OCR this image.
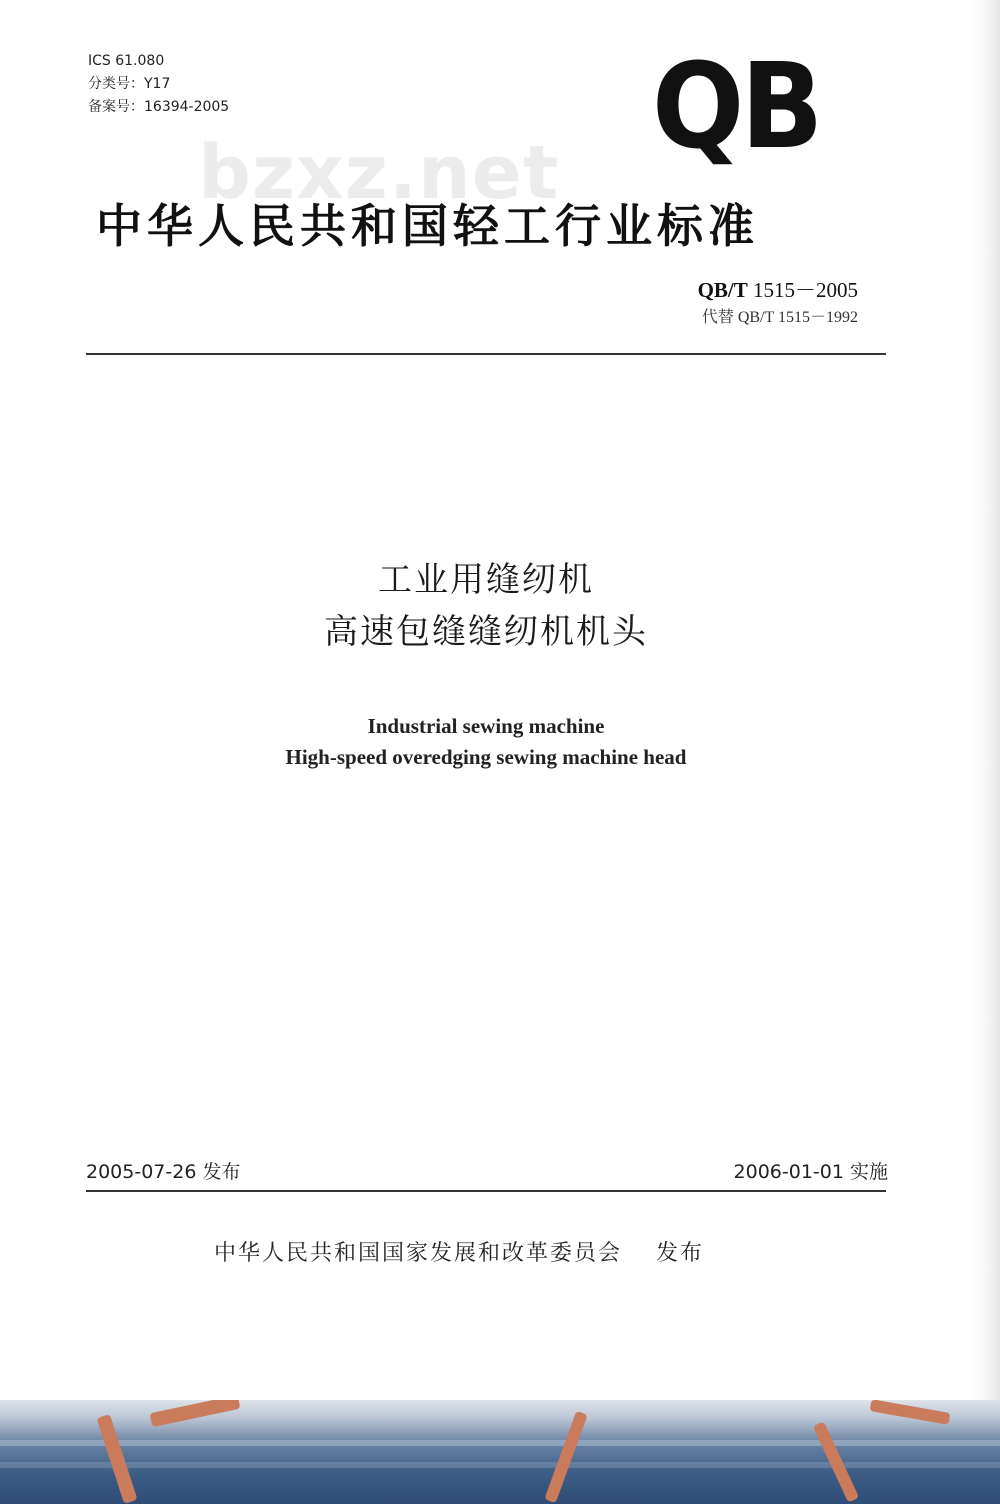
ICS 61.080
分类号：Y17
备案号：16394-2005
bzxz.net QB
中华人民共和国轻工行业标准
QB/T 1515－2005
代替 QB/T 1515－1992
工业用缝纫机
高速包缝缝纫机机头
Industrial sewing machine
High-speed overedging sewing machine head
2005-07-26 发布	2006-01-01 实施
中华人民共和国国家发展和改革委员会 发布
